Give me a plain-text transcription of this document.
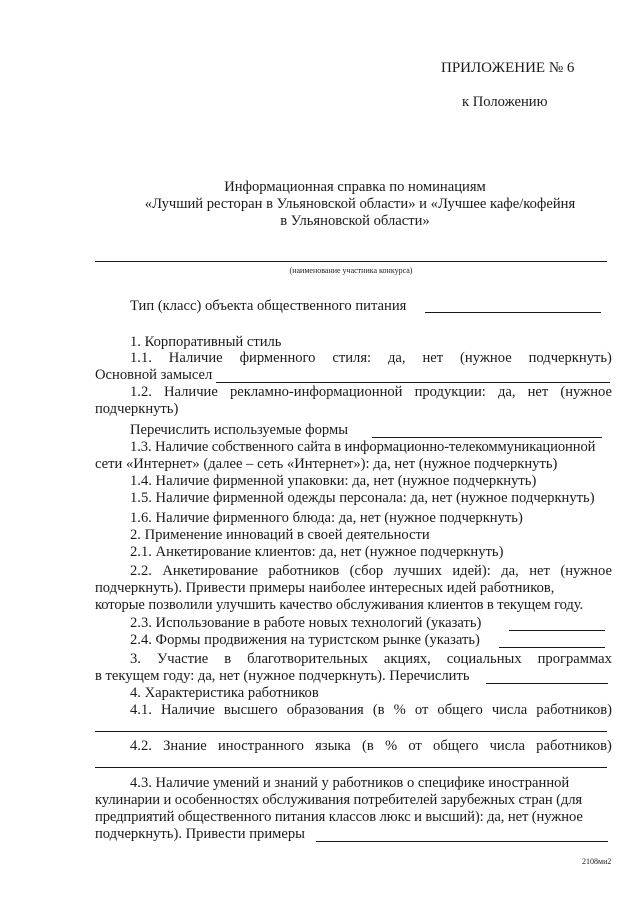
ПРИЛОЖЕНИЕ № 6
к Положению
Информационная справка по номинациям
«Лучший ресторан в Ульяновской области» и «Лучшее кафе/кофейня
в Ульяновской области»
(наименование участника конкурса)
Тип (класс) объекта общественного питания
1. Корпоративный стиль
1.1. Наличие фирменного стиля: да, нет (нужное подчеркнуть)
Основной замысел
1.2. Наличие рекламно-информационной продукции: да, нет (нужное
подчеркнуть)
Перечислить используемые формы
1.3. Наличие собственного сайта в информационно-телекоммуникационной
сети «Интернет» (далее – сеть «Интернет»): да, нет (нужное подчеркнуть)
1.4. Наличие фирменной упаковки: да, нет (нужное подчеркнуть)
1.5. Наличие фирменной одежды персонала: да, нет (нужное подчеркнуть)
1.6. Наличие фирменного блюда: да, нет (нужное подчеркнуть)
2. Применение инноваций в своей деятельности
2.1. Анкетирование клиентов: да, нет (нужное подчеркнуть)
2.2. Анкетирование работников (сбор лучших идей): да, нет (нужное
подчеркнуть). Привести примеры наиболее интересных идей работников,
которые позволили улучшить качество обслуживания клиентов в текущем году.
2.3. Использование в работе новых технологий (указать)
2.4. Формы продвижения на туристском рынке (указать)
3. Участие в благотворительных акциях, социальных программах
в текущем году: да, нет (нужное подчеркнуть). Перечислить
4. Характеристика работников
4.1. Наличие высшего образования (в % от общего числа работников)
4.2. Знание иностранного языка (в % от общего числа работников)
4.3. Наличие умений и знаний у работников о специфике иностранной
кулинарии и особенностях обслуживания потребителей зарубежных стран (для
предприятий общественного питания классов люкс и высший): да, нет (нужное
подчеркнуть). Привести примеры
2108ми2
